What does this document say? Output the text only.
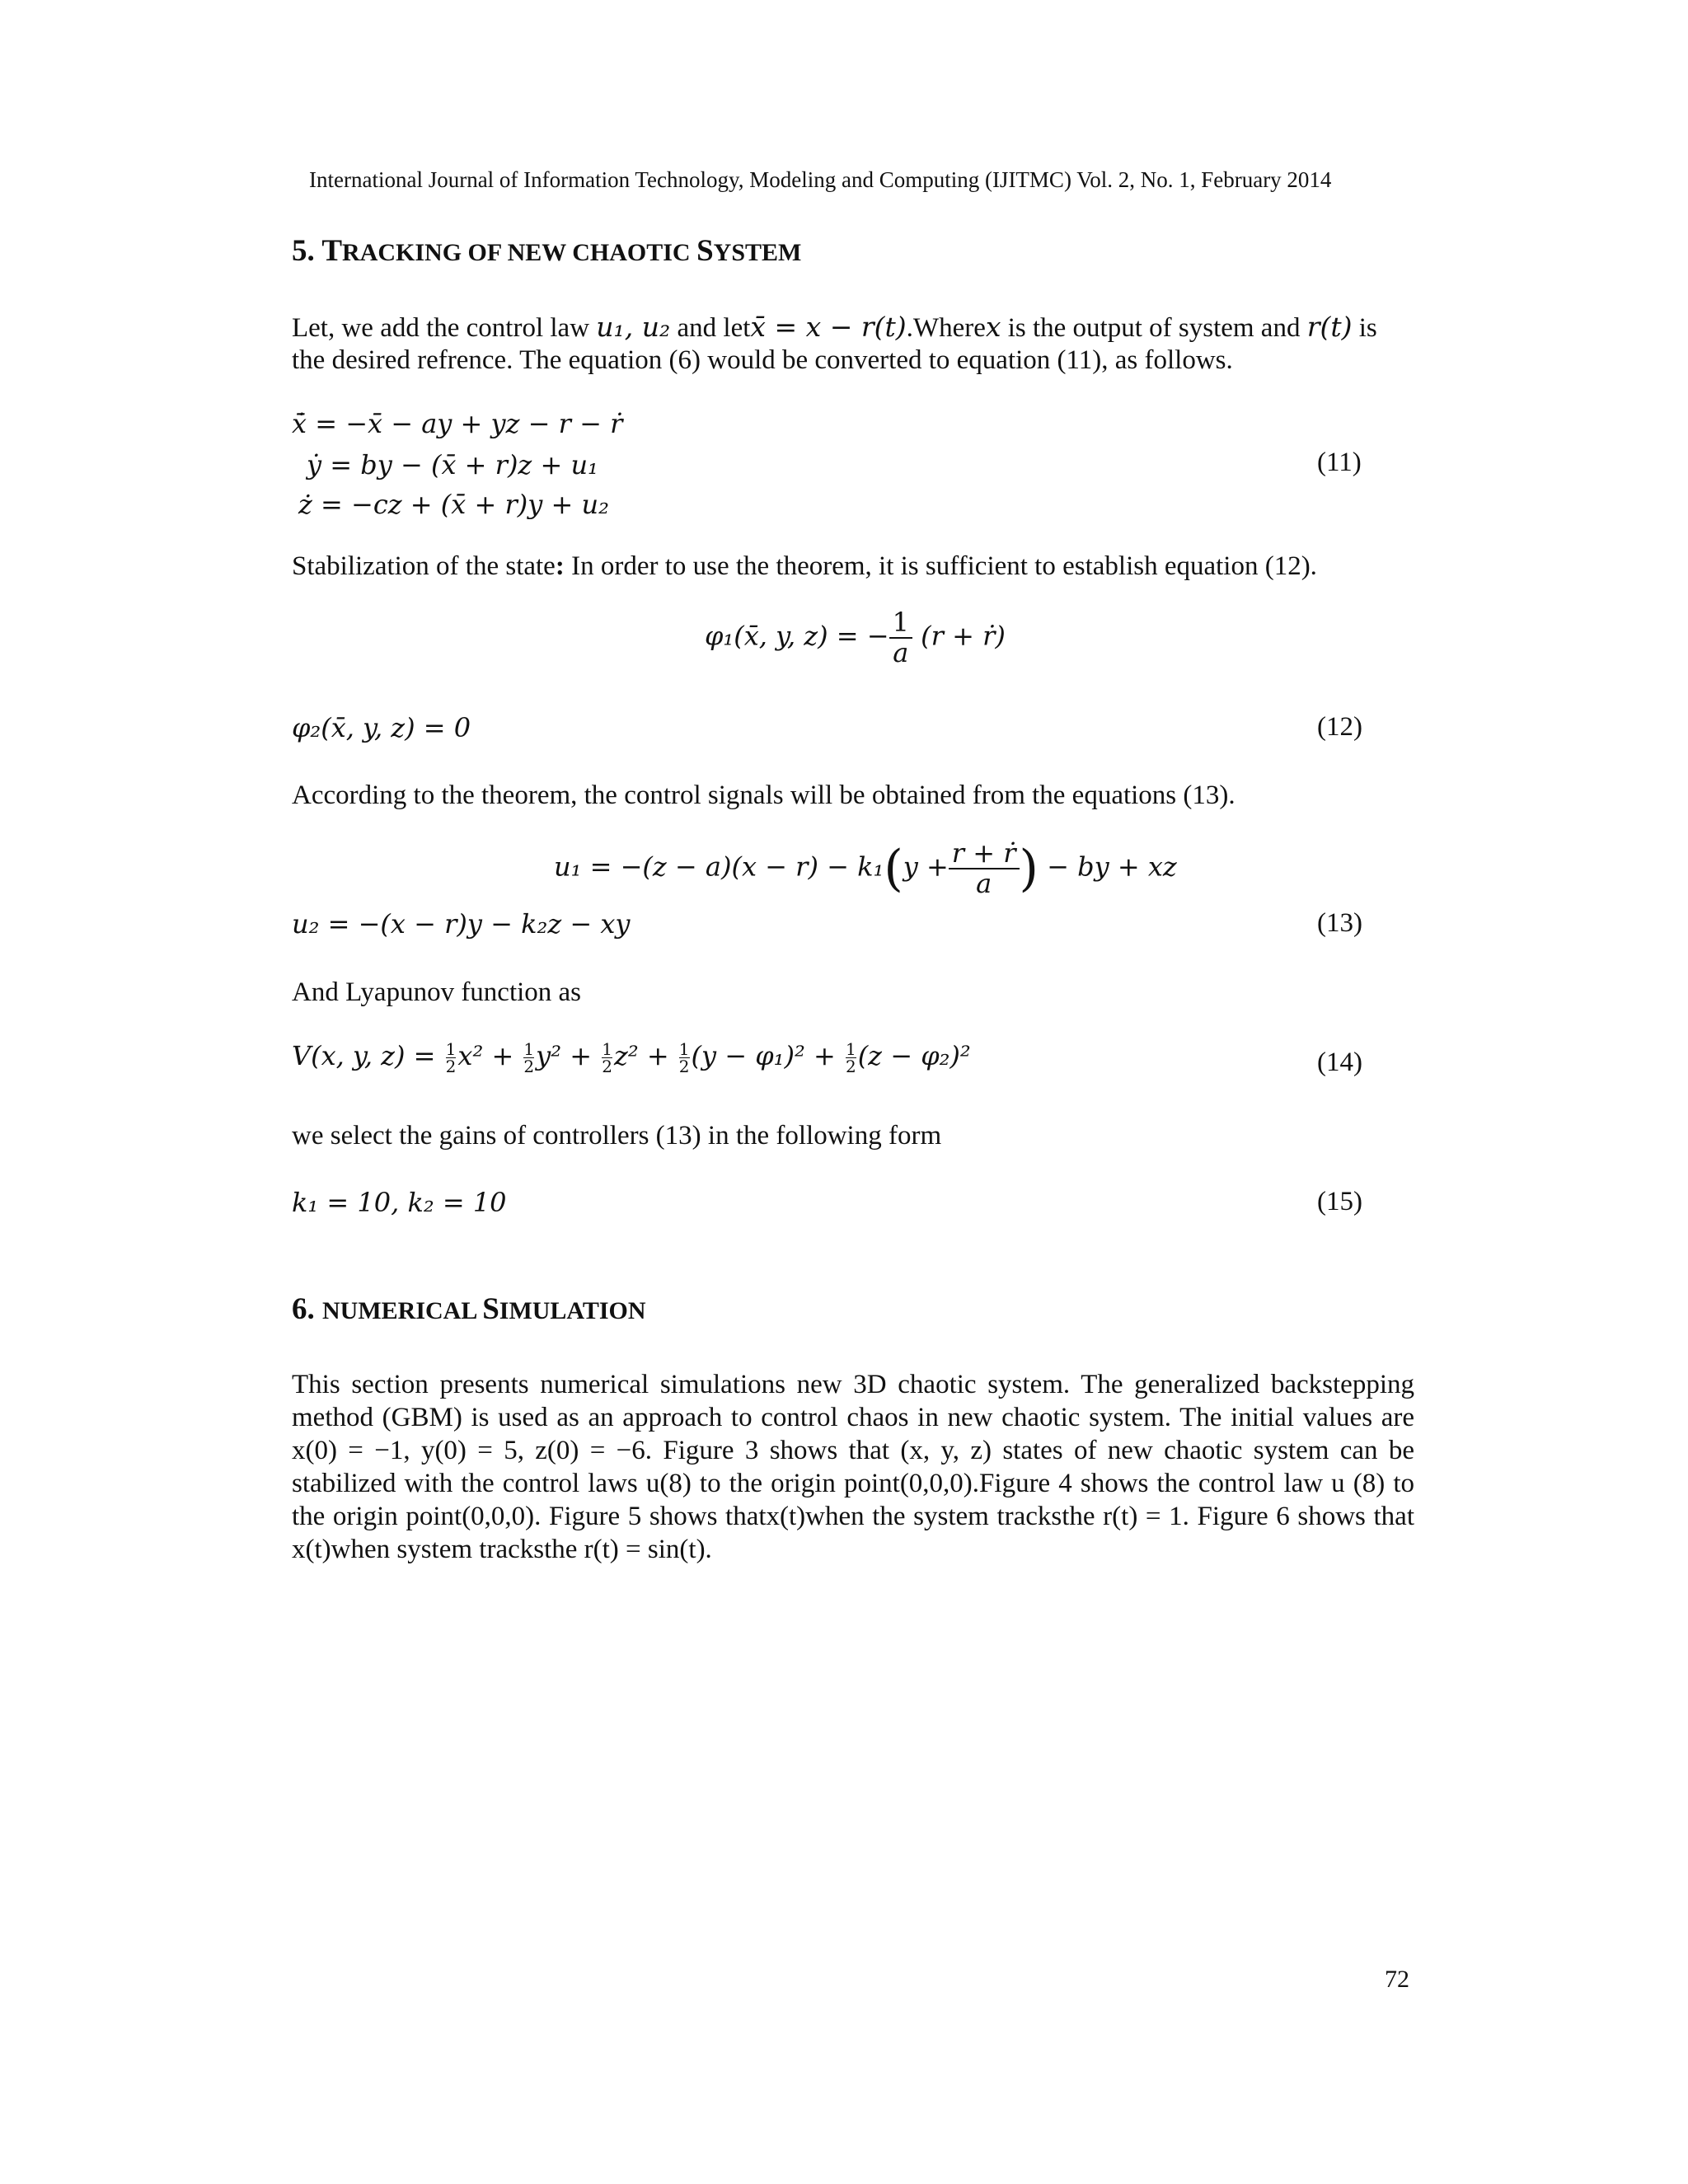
International Journal of Information Technology, Modeling and Computing (IJITMC) Vol. 2, No. 1, February 2014
5. TRACKING OF NEW CHAOTIC SYSTEM
Let, we add the control law u₁, u₂ and letx̄ = x − r(t).Wherex is the output of system and r(t) is
the desired refrence. The equation (6) would be converted to equation (11), as follows.
ẋ̄ = −x̄ − ay + yz − r − ṙ
ẏ = by − (x̄ + r)z + u₁
ż = −cz + (x̄ + r)y + u₂
(11)
Stabilization of the state: In order to use the theorem, it is sufficient to establish equation (12).
φ₁(x̄, y, z) = − $\frac{1}{a} (r$ + ṙ)
φ₂(x̄, y, z) = 0	(12)
According to the theorem, the control signals will be obtained from the equations (13).
$u_1 = -(z - a)(x - r) - k_1(y + \frac{\text{r + ṙ}}{a}$ ) − by + xz
u₂ = −(x − r)y − k₂z − xy	(13)
And Lyapunov function as
V(x, y, $z) = \frac{1}{2} x^2 + \frac{1}{2} y^2 + \frac{1}{2} z^2 + \frac{1}{2} (y - \varphi_1)^2 + \frac{1}{2} (z - \varphi_2)^2$	(14)
we select the gains of controllers (13) in the following form
k₁ = 10, k₂ = 10	(15)
6. NUMERICAL SIMULATION
This section presents numerical simulations new 3D chaotic system. The generalized backstepping method (GBM) is used as an approach to control chaos in new chaotic system. The initial values are x(0) = −1, y(0) = 5, z(0) = −6. Figure 3 shows that (x, y, z) states of new chaotic system can be stabilized with the control laws u(8) to the origin point(0,0,0).Figure 4 shows the control law u (8) to the origin point(0,0,0). Figure 5 shows thatx(t)when the system tracksthe r(t) = 1. Figure 6 shows that x(t)when system tracksthe r(t) = sin(t).
72
